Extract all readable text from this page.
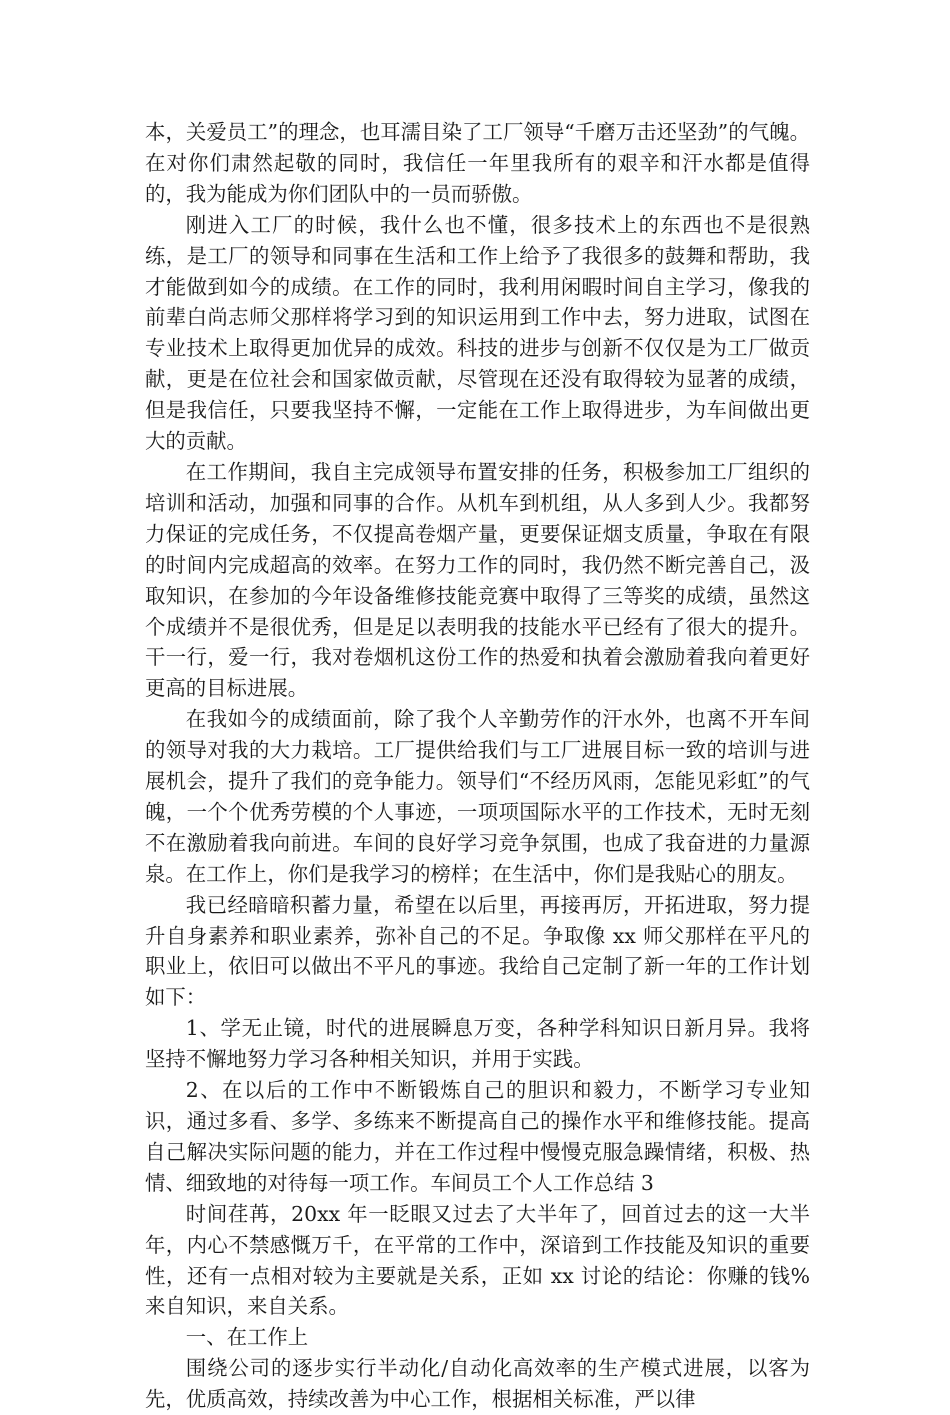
本，关爱员工”的理念，也耳濡目染了工厂领导“千磨万击还坚劲”的气魄。在对你们肃然起敬的同时，我信任一年里我所有的艰辛和汗水都是值得的，我为能成为你们团队中的一员而骄傲。

刚进入工厂的时候，我什么也不懂，很多技术上的东西也不是很熟练，是工厂的领导和同事在生活和工作上给予了我很多的鼓舞和帮助，我才能做到如今的成绩。在工作的同时，我利用闲暇时间自主学习，像我的前辈白尚志师父那样将学习到的知识运用到工作中去，努力进取，试图在专业技术上取得更加优异的成效。科技的进步与创新不仅仅是为工厂做贡献，更是在位社会和国家做贡献，尽管现在还没有取得较为显著的成绩，但是我信任，只要我坚持不懈，一定能在工作上取得进步，为车间做出更大的贡献。

在工作期间，我自主完成领导布置安排的任务，积极参加工厂组织的培训和活动，加强和同事的合作。从机车到机组，从人多到人少。我都努力保证的完成任务，不仅提高卷烟产量，更要保证烟支质量，争取在有限的时间内完成超高的效率。在努力工作的同时，我仍然不断完善自己，汲取知识，在参加的今年设备维修技能竞赛中取得了三等奖的成绩，虽然这个成绩并不是很优秀，但是足以表明我的技能水平已经有了很大的提升。干一行，爱一行，我对卷烟机这份工作的热爱和执着会激励着我向着更好更高的目标进展。

在我如今的成绩面前，除了我个人辛勤劳作的汗水外，也离不开车间的领导对我的大力栽培。工厂提供给我们与工厂进展目标一致的培训与进展机会，提升了我们的竞争能力。领导们“不经历风雨，怎能见彩虹”的气魄，一个个优秀劳模的个人事迹，一项项国际水平的工作技术，无时无刻不在激励着我向前进。车间的良好学习竞争氛围，也成了我奋进的力量源泉。在工作上，你们是我学习的榜样；在生活中，你们是我贴心的朋友。

我已经暗暗积蓄力量，希望在以后里，再接再厉，开拓进取，努力提升自身素养和职业素养，弥补自己的不足。争取像 xx 师父那样在平凡的职业上，依旧可以做出不平凡的事迹。我给自己定制了新一年的工作计划如下：

1、学无止镜，时代的进展瞬息万变，各种学科知识日新月异。我将坚持不懈地努力学习各种相关知识，并用于实践。

2、在以后的工作中不断锻炼自己的胆识和毅力，不断学习专业知识，通过多看、多学、多练来不断提高自己的操作水平和维修技能。提高自己解决实际问题的能力，并在工作过程中慢慢克服急躁情绪，积极、热情、细致地的对待每一项工作。车间员工个人工作总结 3

时间荏苒，20xx 年一眨眼又过去了大半年了，回首过去的这一大半年，内心不禁感慨万千，在平常的工作中，深谙到工作技能及知识的重要性，还有一点相对较为主要就是关系，正如 xx 讨论的结论：你赚的钱%来自知识，来自关系。

一、在工作上

围绕公司的逐步实行半动化/自动化高效率的生产模式进展，以客为先，优质高效，持续改善为中心工作，根据相关标准，严以律
